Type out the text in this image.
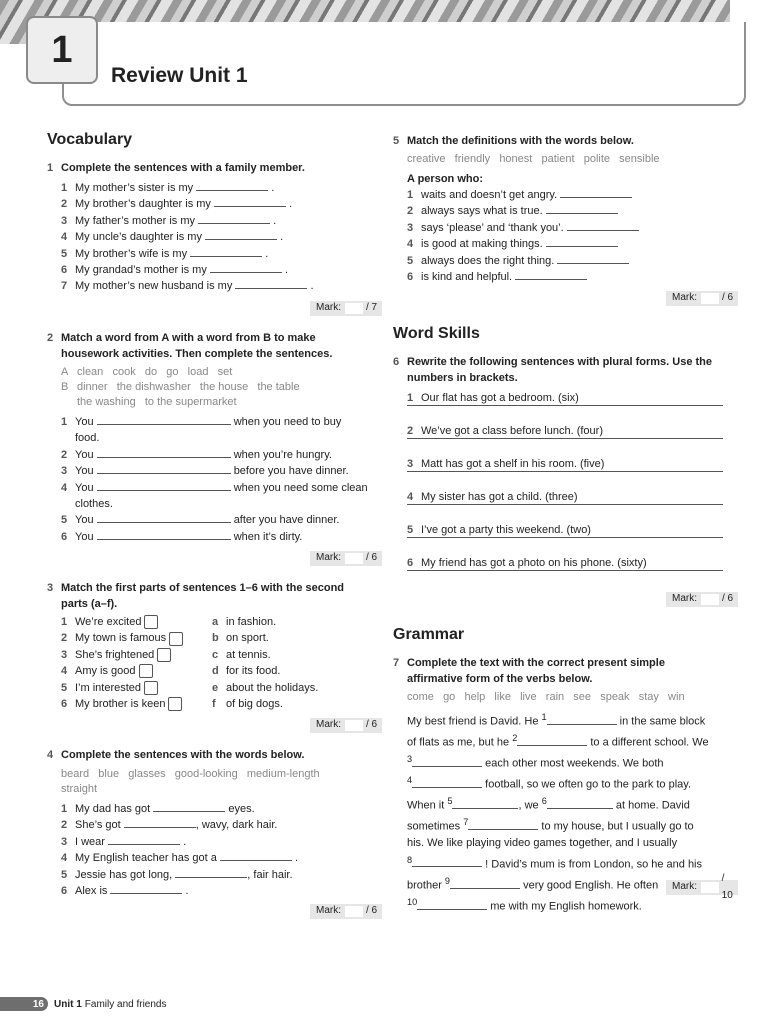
1
Review Unit 1
Vocabulary
1 Complete the sentences with a family member.
1 My mother’s sister is my	.
2 My brother’s daughter is my	.
3 My father’s mother is my	.
4 My uncle’s daughter is my	.
5 My brother’s wife is my	.
6 My grandad’s mother is my	.
7 My mother’s new husband is my	.
Mark:	/ 7
2 Match a word from A with a word from B to make
housework activities. Then complete the sentences.
A clean   cook   do   go   load   set
B dinner   the dishwasher   the house   the table
the washing   to the supermarket
1 You	when you need to buy
food.
2 You	when you’re hungry.
3 You	before you have dinner.
4 You	when you need some clean
clothes.
5 You	after you have dinner.
6 You	when it’s dirty.
Mark:	/ 6
3 Match the first parts of sentences 1–6 with the second
parts (a–f).
1 We’re excited	a in fashion.
2 My town is famous	b on sport.
3 She’s frightened	c at tennis.
4 Amy is good	d for its food.
5 I’m interested	e about the holidays.
6 My brother is keen	f of big dogs.
Mark:	/ 6
4 Complete the sentences with the words below.
beard   blue   glasses   good-looking   medium-length
straight
1 My dad has got	eyes.
2 She’s got	, wavy, dark hair.
3 I wear	.
4 My English teacher has got a	.
5 Jessie has got long,	, fair hair.
6 Alex is	.
Mark:	/ 6
5 Match the definitions with the words below.
creative   friendly   honest   patient   polite   sensible
A person who:
1 waits and doesn’t get angry.
2 always says what is true.
3 says ‘please’ and ‘thank you’.
4 is good at making things.
5 always does the right thing.
6 is kind and helpful.
Mark:	/ 6
Word Skills
6 Rewrite the following sentences with plural forms. Use the
numbers in brackets.
1 Our flat has got a bedroom. (six)
2 We’ve got a class before lunch. (four)
3 Matt has got a shelf in his room. (five)
4 My sister has got a child. (three)
5 I’ve got a party this weekend. (two)
6 My friend has got a photo on his phone. (sixty)
Mark:	/ 6
Grammar
7 Complete the text with the correct present simple
affirmative form of the verbs below.
come   go   help   like   live   rain   see   speak   stay   win
My best friend is David. He $^1$	in the same block
of flats as me, but he $^2$	to a different school. We
$^3$	each other most weekends. We both
$^4$	football, so we often go to the park to play.
When it $^5$	, we $^6$	at home. David
sometimes $^7$	to my house, but I usually go to
his. We like playing video games together, and I usually
$^8$	! David’s mum is from London, so he and his
brother $^9$	very good English. He often
$^{10}$	me with my English homework.
Mark:
/ 10
16	Unit 1 Family and friends
